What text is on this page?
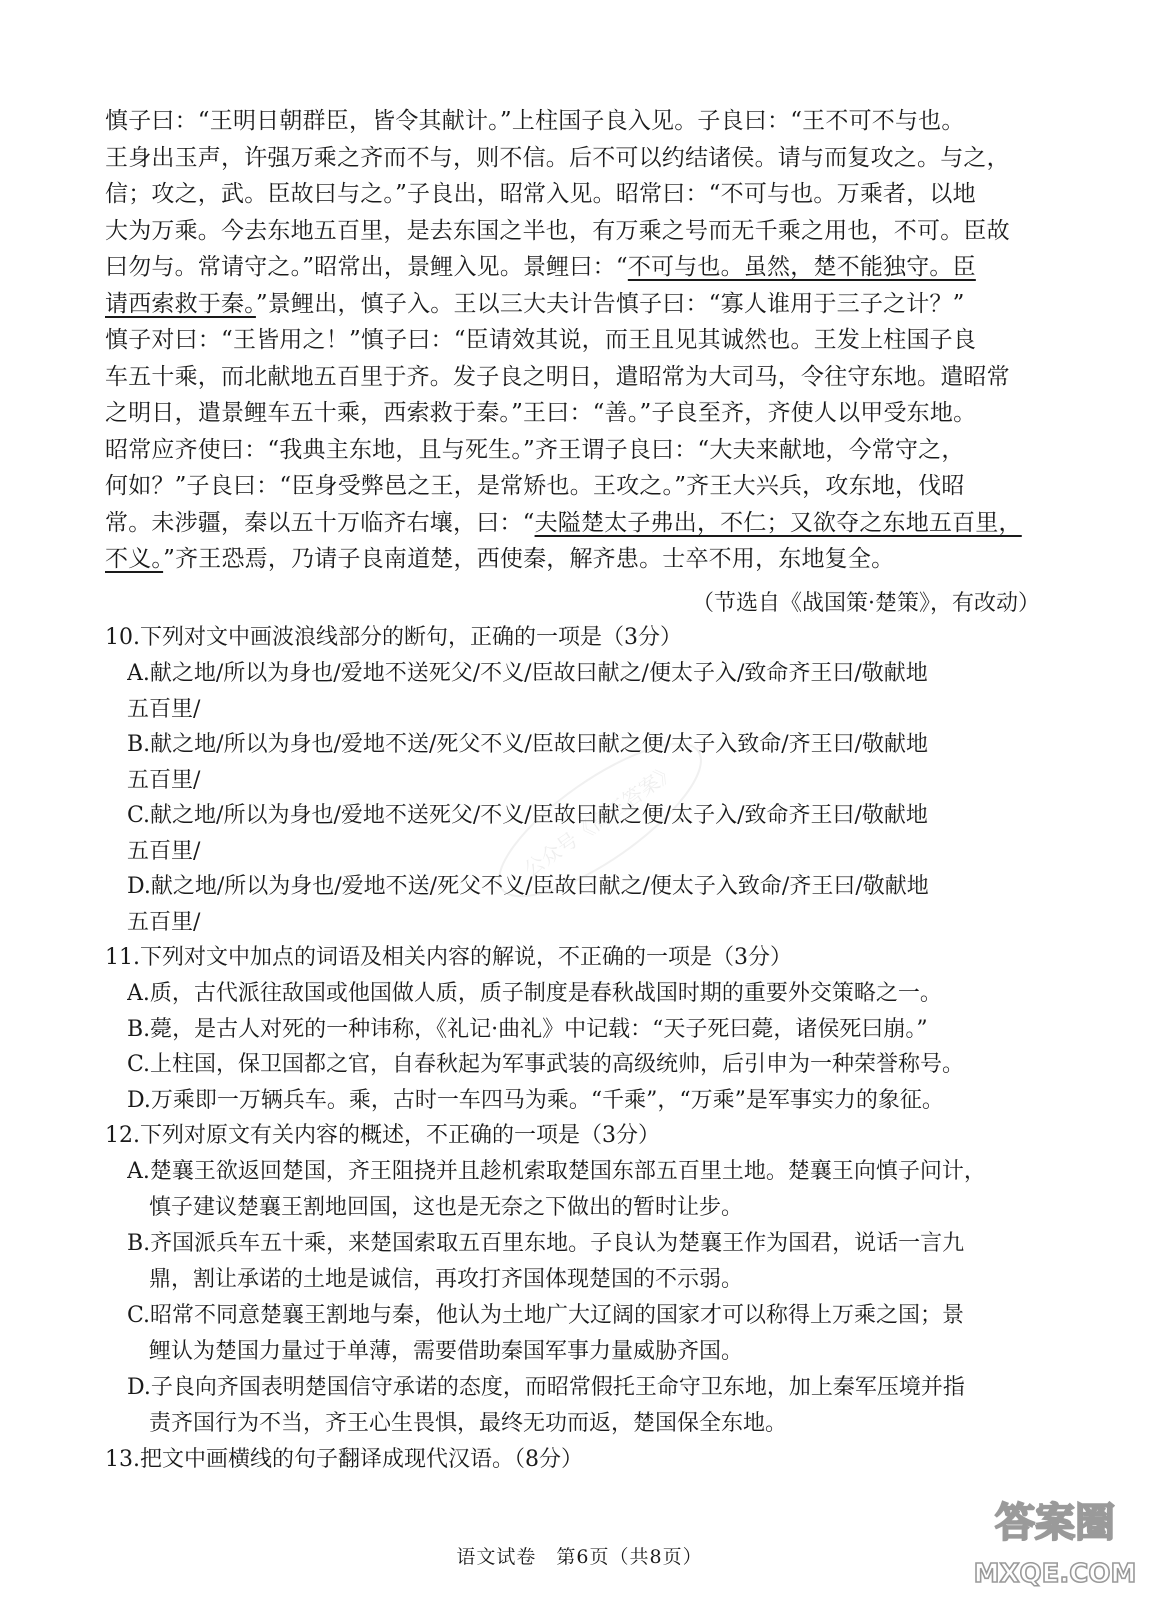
慎子曰：“王明日朝群臣，皆令其献计。”上柱国子良入见。子良曰：“王不可不与也。
王身出玉声，许强万乘之齐而不与，则不信。后不可以约结诸侯。请与而复攻之。与之，
信；攻之，武。臣故曰与之。”子良出，昭常入见。昭常曰：“不可与也。万乘者，以地
大为万乘。今去东地五百里，是去东国之半也，有万乘之号而无千乘之用也，不可。臣故
曰勿与。常请守之。”昭常出，景鲤入见。景鲤曰：“不可与也。虽然，楚不能独守。臣
请西索救于秦。”景鲤出，慎子入。王以三大夫计告慎子曰：“寡人谁用于三子之计？”
慎子对曰：“王皆用之！”慎子曰：“臣请效其说，而王且见其诚然也。王发上柱国子良
车五十乘，而北献地五百里于齐。发子良之明日，遣昭常为大司马，令往守东地。遣昭常
之明日，遣景鲤车五十乘，西索救于秦。”王曰：“善。”子良至齐，齐使人以甲受东地。
昭常应齐使曰：“我典主东地，且与死生。”齐王谓子良曰：“大夫来献地，今常守之，
何如？”子良曰：“臣身受弊邑之王，是常矫也。王攻之。”齐王大兴兵，攻东地，伐昭
常。未涉疆，秦以五十万临齐右壤，曰：“夫隘楚太子弗出，不仁；又欲夺之东地五百里，
不义。”齐王恐焉，乃请子良南道楚，西使秦，解齐患。士卒不用，东地复全。
（节选自《战国策·楚策》，有改动）
10.下列对文中画波浪线部分的断句，正确的一项是（3分）
A.献之地/所以为身也/爱地不送死父/不义/臣故曰献之/便太子入/致命齐王曰/敬献地
五百里/
B.献之地/所以为身也/爱地不送/死父不义/臣故曰献之便/太子入致命/齐王曰/敬献地
五百里/
C.献之地/所以为身也/爱地不送死父/不义/臣故曰献之便/太子入/致命齐王曰/敬献地
五百里/
D.献之地/所以为身也/爱地不送/死父不义/臣故曰献之/便太子入致命/齐王曰/敬献地
五百里/
11.下列对文中加点的词语及相关内容的解说，不正确的一项是（3分）
A.质，古代派往敌国或他国做人质，质子制度是春秋战国时期的重要外交策略之一。
B.薨，是古人对死的一种讳称，《礼记·曲礼》中记载：“天子死曰薨，诸侯死曰崩。”
C.上柱国，保卫国都之官，自春秋起为军事武装的高级统帅，后引申为一种荣誉称号。
D.万乘即一万辆兵车。乘，古时一车四马为乘。“千乘”，“万乘”是军事实力的象征。
12.下列对原文有关内容的概述，不正确的一项是（3分）
A.楚襄王欲返回楚国，齐王阻挠并且趁机索取楚国东部五百里土地。楚襄王向慎子问计，
慎子建议楚襄王割地回国，这也是无奈之下做出的暂时让步。
B.齐国派兵车五十乘，来楚国索取五百里东地。子良认为楚襄王作为国君，说话一言九
鼎，割让承诺的土地是诚信，再攻打齐国体现楚国的不示弱。
C.昭常不同意楚襄王割地与秦，他认为土地广大辽阔的国家才可以称得上万乘之国；景
鲤认为楚国力量过于单薄，需要借助秦国军事力量威胁齐国。
D.子良向齐国表明楚国信守承诺的态度，而昭常假托王命守卫东地，加上秦军压境并指
责齐国行为不当，齐王心生畏惧，最终无功而返，楚国保全东地。
13.把文中画横线的句子翻译成现代汉语。（8分）
语文试卷　第6页（共8页）
公众号《高三答案》
答案圈
MXQE.COM
